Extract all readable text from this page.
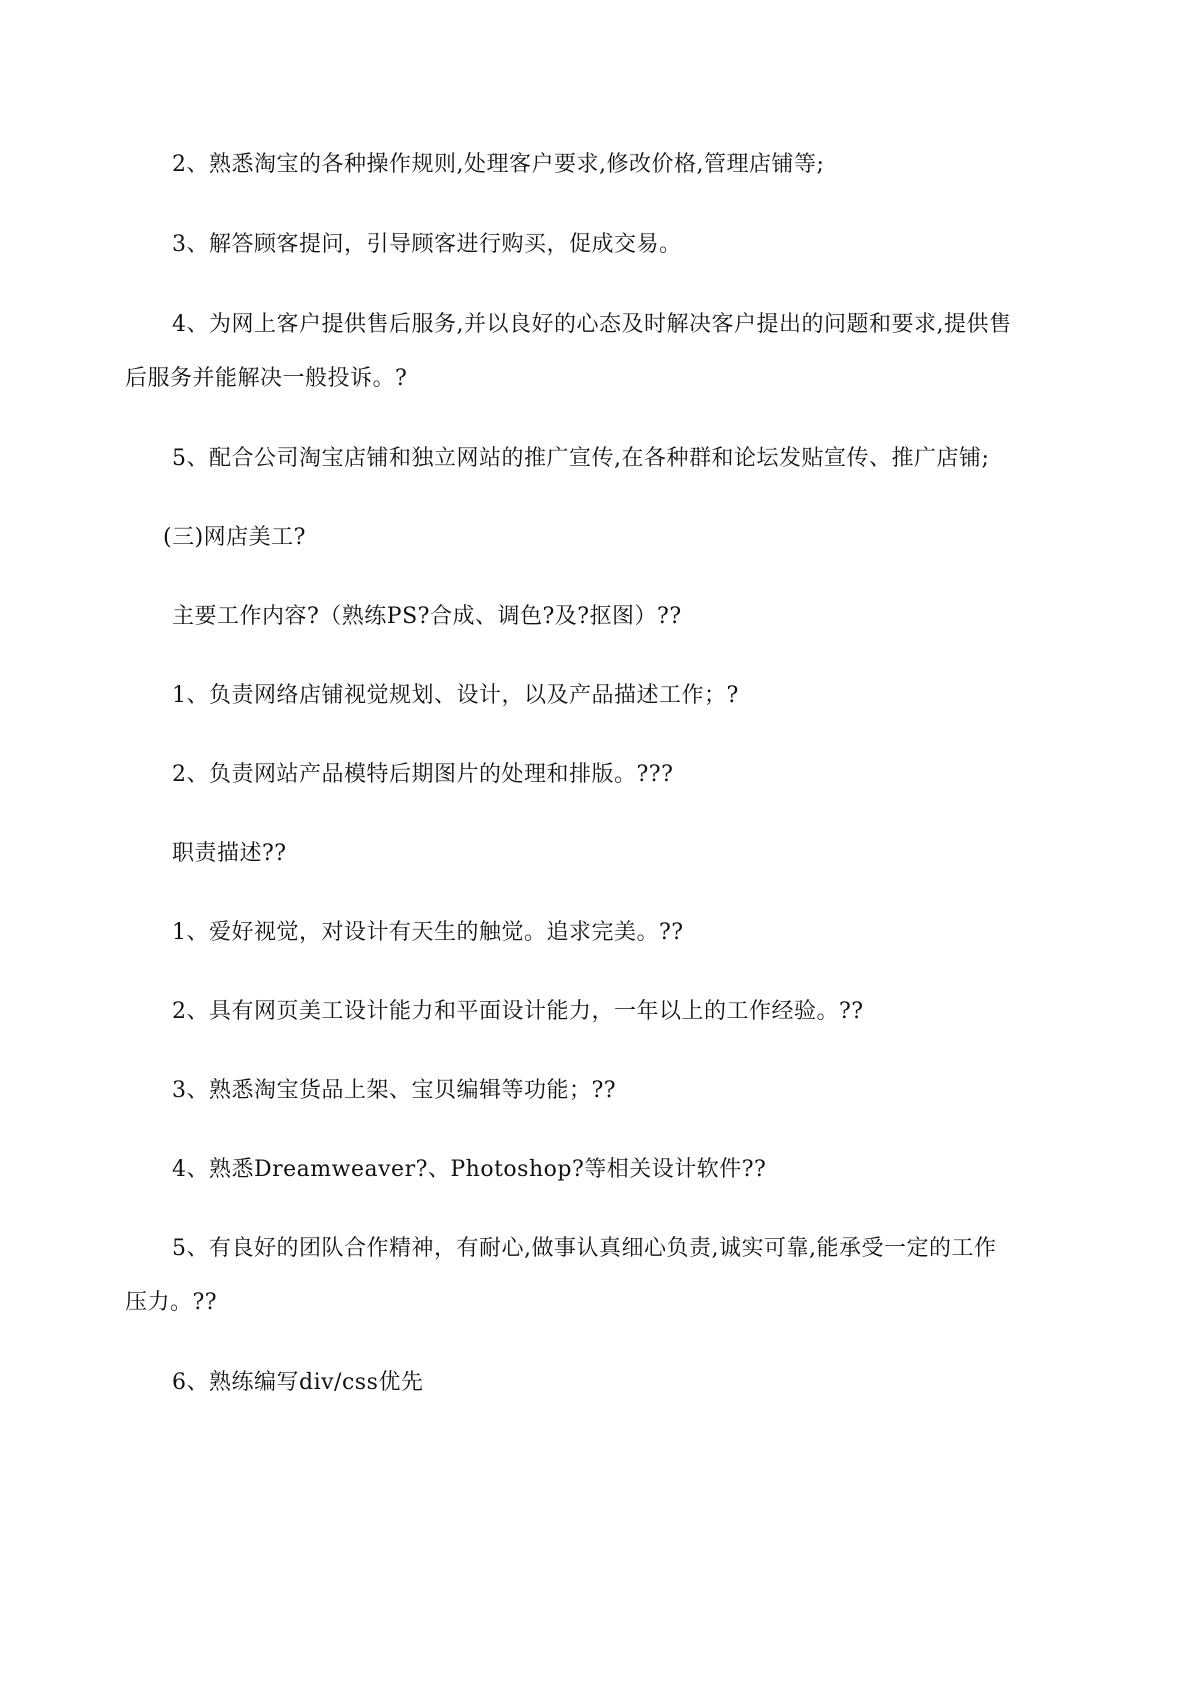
2、熟悉淘宝的各种操作规则,处理客户要求,修改价格,管理店铺等;

3、解答顾客提问，引导顾客进行购买，促成交易。

4、为网上客户提供售后服务,并以良好的心态及时解决客户提出的问题和要求,提供售

后服务并能解决一般投诉。?

5、配合公司淘宝店铺和独立网站的推广宣传,在各种群和论坛发贴宣传、推广店铺;

(三)网店美工?

主要工作内容?（熟练PS?合成、调色?及?抠图）??

1、负责网络店铺视觉规划、设计，以及产品描述工作；?

2、负责网站产品模特后期图片的处理和排版。???

职责描述??

1、爱好视觉，对设计有天生的触觉。追求完美。??

2、具有网页美工设计能力和平面设计能力，一年以上的工作经验。??

3、熟悉淘宝货品上架、宝贝编辑等功能；??

4、熟悉Dreamweaver?、Photoshop?等相关设计软件??

5、有良好的团队合作精神，有耐心,做事认真细心负责,诚实可靠,能承受一定的工作

压力。??

6、熟练编写div/css优先
